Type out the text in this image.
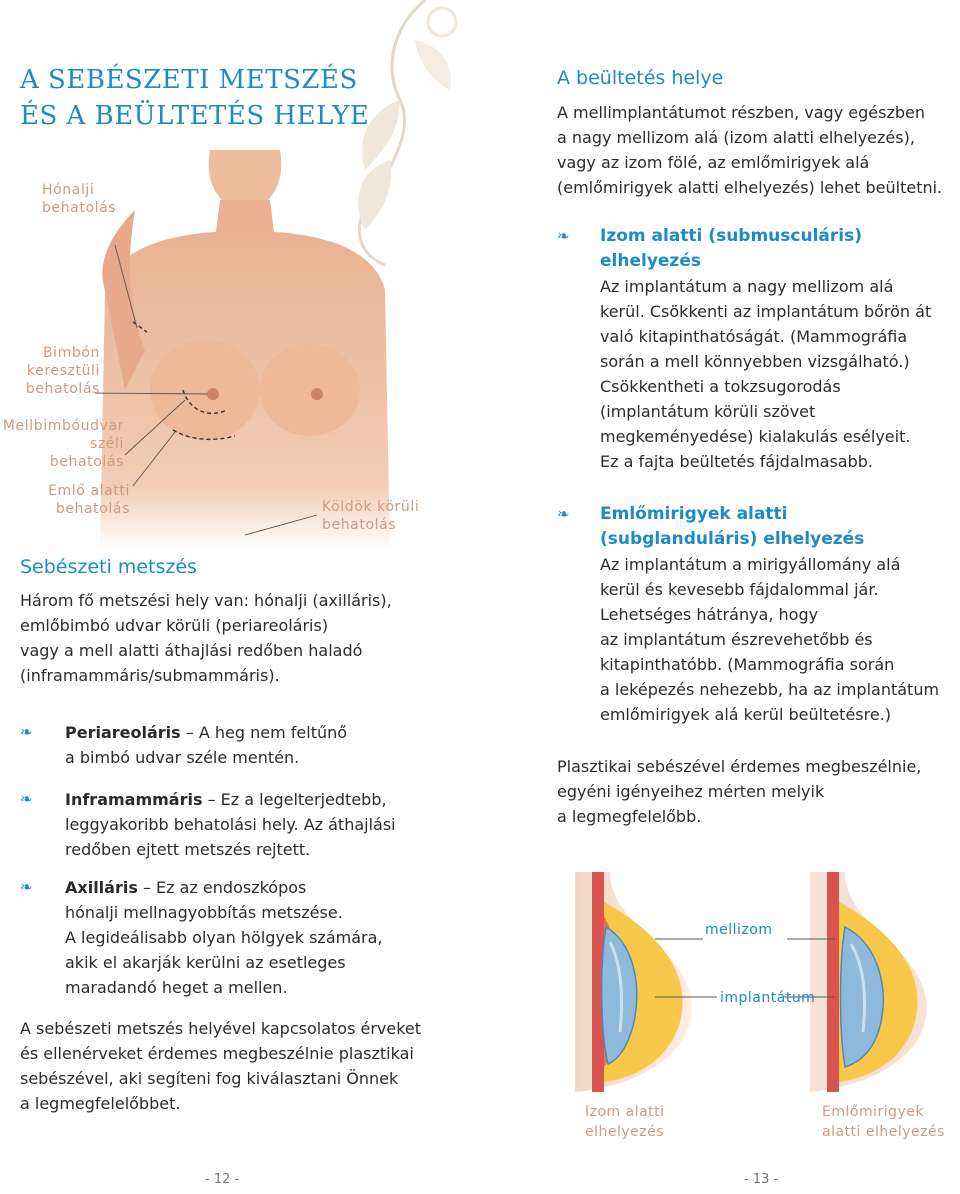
A SEBÉSZETI METSZÉS
ÉS A BEÜLTETÉS HELYE
Hónalji
behatolás
Bimbón
keresztüli
behatolás
Mellbimbóudvar
széli
behatolás
Emlő alatti
behatolás	Köldök körüli
behatolás
Sebészeti metszés

Három fő metszési hely van: hónalji (axilláris),
emlőbimbó udvar körüli (periareoláris)
vagy a mell alatti áthajlási redőben haladó
(inframammáris/submammáris).

❧ Periareoláris – A heg nem feltűnő
a bimbó udvar széle mentén.
❧ Inframammáris – Ez a legelterjedtebb,
leggyakoribb behatolási hely. Az áthajlási
redőben ejtett metszés rejtett.
❧ Axilláris – Ez az endoszkópos
hónalji mellnagyobbítás metszése.
A legideálisabb olyan hölgyek számára,
akik el akarják kerülni az esetleges
maradandó heget a mellen.

A sebészeti metszés helyével kapcsolatos érveket
és ellenérveket érdemes megbeszélnie plasztikai
sebészével, aki segíteni fog kiválasztani Önnek
a legmegfelelőbbet.

- 12 -
A beültetés helye

A mellimplantátumot részben, vagy egészben
a nagy mellizom alá (izom alatti elhelyezés),
vagy az izom fölé, az emlőmirigyek alá
(emlőmirigyek alatti elhelyezés) lehet beültetni.

❧ Izom alatti (submusculáris)
elhelyezés
Az implantátum a nagy mellizom alá
kerül. Csökkenti az implantátum bőrön át
való kitapinthatóságát. (Mammográfia
során a mell könnyebben vizsgálható.)
Csökkentheti a tokzsugorodás
(implantátum körüli szövet
megkeményedése) kialakulás esélyeit.
Ez a fajta beültetés fájdalmasabb.
❧ Emlőmirigyek alatti
(subglanduláris) elhelyezés
Az implantátum a mirigyállomány alá
kerül és kevesebb fájdalommal jár.
Lehetséges hátránya, hogy
az implantátum észrevehetőbb és
kitapinthatóbb. (Mammográfia során
a leképezés nehezebb, ha az implantátum
emlőmirigyek alá kerül beültetésre.)

Plasztikai sebészével érdemes megbeszélnie,
egyéni igényeihez mérten melyik
a legmegfelelőbb.

mellizom
implantátum
Izom alatti
elhelyezés
Emlőmirigyek
alatti elhelyezés
- 13 -
